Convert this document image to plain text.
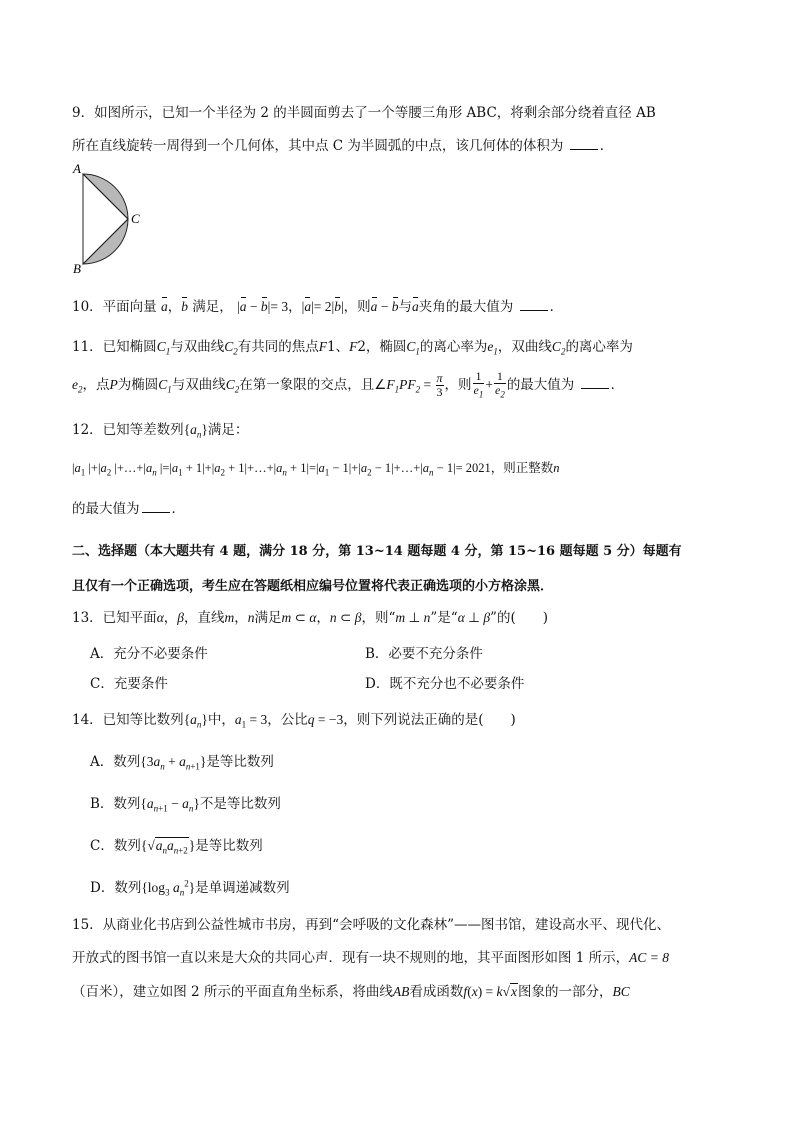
9．如图所示，已知一个半径为 2 的半圆面剪去了一个等腰三角形 ABC，将剩余部分绕着直径 AB
所在直线旋转一周得到一个几何体，其中点 C 为半圆弧的中点，该几何体的体积为	．
A
B
C
10．平面向量 a，b 满足， |a − b|= 3，|a|= 2|b|，则a − b与a夹角的最大值为	．
11．已知椭圆$C_1$与双曲线$C_2$有共同的焦点F1、F2，椭圆$C_1$的离心率为$e_1$，双曲线$C_2$的离心率为
$e_2$，点P为椭圆$C_1$与双曲线$C_2$在第一象限的交点，且$\angle F_1PF_2 = \frac{\pi}{3}$ ，则 $\frac{1}{e_1} + \frac{1}{e_2}$ 的最大值为	．
12．已知等差数列$\{a_n\}$满足：
$|a_1$ $|+|a_2$ $|+\dots+|a_n$ $|=|a_1 + 1|+|a_2$ + $1|+\dots+|a_n + 1|=|a_1 - 1|+|a_2$ − $1|+\dots+|a_n - 1|= 2021$，则正整数n
的最大值为 ．
二、选择题（本大题共有 4 题，满分 18 分，第 13~14 题每题 4 分，第 15~16 题每题 5 分）每题有
且仅有一个正确选项，考生应在答题纸相应编号位置将代表正确选项的小方格涂黑．
13．已知平面α，β，直线m，n满足m ⊂ α，n ⊂ β，则“m ⊥ n”是“α ⊥ β”的(　　)
A．充分不必要条件	B．必要不充分条件
C．充要条件	D．既不充分也不必要条件
14．已知等比数列$\{a_n\}$中，$a_1 = 3$，公比q = −3，则下列说法正确的是(　　)
A．数列$\{3a_n + a_{n+1}\}$是等比数列
B．数列$\{a_{n+1} - a_n\}$不是等比数列
C．数列$\{√a_na_{n+2}\}$是等比数列
D．数列{$\log_3$ $a_n^2$}是单调递减数列
15．从商业化书店到公益性城市书房，再到“会呼吸的文化森林”——图书馆，建设高水平、现代化、
开放式的图书馆一直以来是大众的共同心声．现有一块不规则的地，其平面图形如图 1 所示，AC = 8
（百米），建立如图 2 所示的平面直角坐标系，将曲线AB看成函数f(x) = k√x图象的一部分，BC
